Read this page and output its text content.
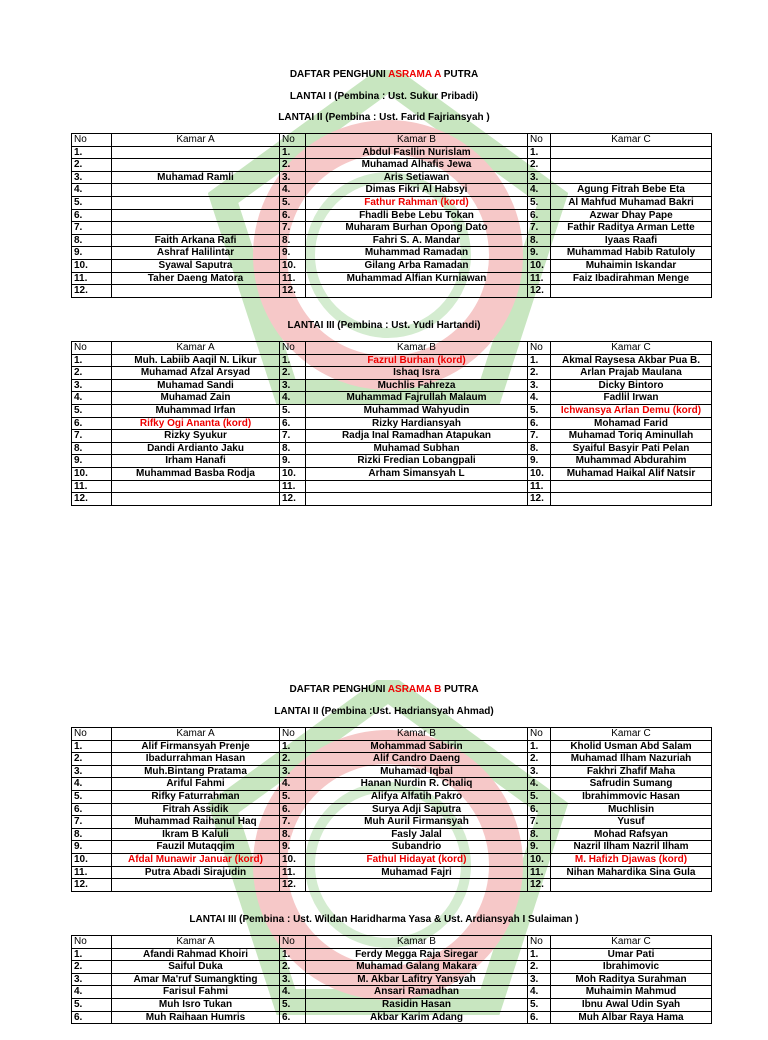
DAFTAR PENGHUNI ASRAMA A PUTRA
LANTAI I (Pembina : Ust. Sukur Pribadi)
LANTAI II (Pembina : Ust. Farid Fajriansyah )
No	Kamar A	No	Kamar B	No	Kamar C
1.		1.	Abdul Fasllin Nurislam	1.	
2.		2.	Muhamad Alhafis Jewa	2.	
3.	Muhamad Ramli	3.	Aris Setiawan	3.	
4.		4.	Dimas Fikri Al Habsyi	4.	Agung Fitrah Bebe Eta
5.		5.	Fathur Rahman (kord)	5.	Al Mahfud Muhamad Bakri
6.		6.	Fhadli Bebe Lebu Tokan	6.	Azwar Dhay Pape
7.		7.	Muharam Burhan Opong Dato	7.	Fathir Raditya Arman Lette
8.	Faith Arkana Rafi	8.	Fahri S. A. Mandar	8.	Iyaas Raafi
9.	Ashraf Halilintar	9.	Muhammad Ramadan	9.	Muhammad Habib Ratuloly
10.	Syawal Saputra	10.	Gilang Arba Ramadan	10.	Muhaimin Iskandar
11.	Taher Daeng Matora	11.	Muhammad Alfian Kurniawan	11.	Faiz Ibadirahman Menge
12.		12.		12.	
LANTAI III (Pembina : Ust. Yudi Hartandi)
No	Kamar A	No	Kamar B	No	Kamar C
1.	Muh. Labiib Aaqil N. Likur	1.	Fazrul Burhan (kord)	1.	Akmal Raysesa Akbar Pua B.
2.	Muhamad Afzal Arsyad	2.	Ishaq Isra	2.	Arlan Prajab Maulana
3.	Muhamad Sandi	3.	Muchlis Fahreza	3.	Dicky Bintoro
4.	Muhamad Zain	4.	Muhammad Fajrullah Malaum	4.	Fadlil Irwan
5.	Muhammad Irfan	5.	Muhammad Wahyudin	5.	Ichwansya Arlan Demu (kord)
6.	Rifky Ogi Ananta (kord)	6.	Rizky Hardiansyah	6.	Mohamad Farid
7.	Rizky Syukur	7.	Radja Inal Ramadhan Atapukan	7.	Muhamad Toriq Aminullah
8.	Dandi Ardianto Jaku	8.	Muhamad Subhan	8.	Syaiful Basyir Pati Pelan
9.	Irham Hanafi	9.	Rizki Fredian Lobangpali	9.	Muhammad Abdurahim
10.	Muhammad Basba Rodja	10.	Arham Simansyah L	10.	Muhamad Haikal Alif Natsir
11.		11.		11.	
12.		12.		12.	
DAFTAR PENGHUNI ASRAMA B PUTRA
LANTAI II (Pembina :Ust. Hadriansyah Ahmad)
No	Kamar A	No	Kamar B	No	Kamar C
1.	Alif Firmansyah Prenje	1.	Mohammad Sabirin	1.	Kholid Usman Abd Salam
2.	Ibadurrahman Hasan	2.	Alif Candro Daeng	2.	Muhamad Ilham Nazuriah
3.	Muh.Bintang Pratama	3.	Muhamad Iqbal	3.	Fakhri Zhafif Maha
4.	Ariful Fahmi	4.	Hanan Nurdin R. Chaliq	4.	Safrudin Sumang
5.	Rifky Faturrahman	5.	Alifya Alfatih Pakro	5.	Ibrahimmovic Hasan
6.	Fitrah Assidik	6.	Surya Adji Saputra	6.	Muchlisin
7.	Muhammad Raihanul Haq	7.	Muh Auril Firmansyah	7.	Yusuf
8.	Ikram B Kaluli	8.	Fasly Jalal	8.	Mohad Rafsyan
9.	Fauzil Mutaqqim	9.	Subandrio	9.	Nazril Ilham Nazril Ilham
10.	Afdal Munawir Januar (kord)	10.	Fathul Hidayat (kord)	10.	M. Hafizh Djawas (kord)
11.	Putra Abadi Sirajudin	11.	Muhamad Fajri	11.	Nihan Mahardika Sina Gula
12.		12.		12.	
LANTAI III (Pembina : Ust. Wildan Haridharma Yasa & Ust. Ardiansyah I Sulaiman )
No	Kamar A	No	Kamar B	No	Kamar C
1.	Afandi Rahmad Khoiri	1.	Ferdy Megga Raja Siregar	1.	Umar Pati
2.	Saiful Duka	2.	Muhamad Galang Makara	2.	Ibrahimovic
3.	Amar Ma'ruf Sumangkting	3.	M. Akbar Lafitry Yansyah	3.	Moh Raditya Surahman
4.	Farisul Fahmi	4.	Ansari Ramadhan	4.	Muhaimin Mahmud
5.	Muh Isro Tukan	5.	Rasidin Hasan	5.	Ibnu Awal Udin Syah
6.	Muh Raihaan Humris	6.	Akbar Karim Adang	6.	Muh Albar Raya Hama
